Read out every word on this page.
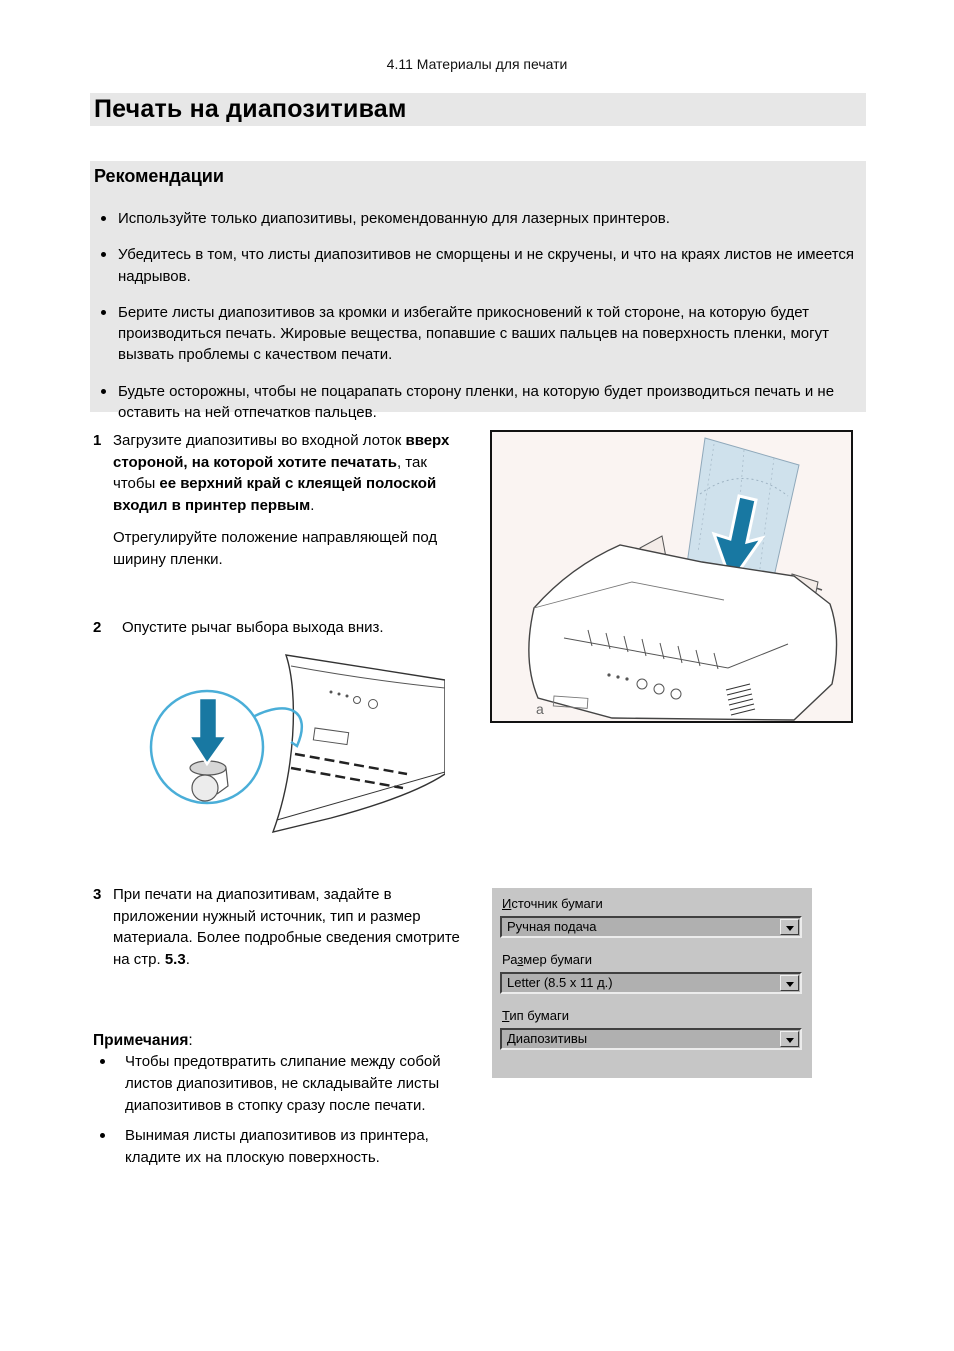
4.11 Материалы для печати
Печать на диапозитивам
Рекомендации
Используйте только диапозитивы, рекомендованную для лазерных принтеров.
Убедитесь в том, что листы диапозитивов не сморщены и не скручены, и что на краях листов не имеется надрывов.
Берите листы диапозитивов за кромки и избегайте прикосновений к той стороне, на которую будет производиться печать. Жировые вещества, попавшие с ваших пальцев на поверхность пленки, могут вызвать проблемы с качеством печати.
Будьте осторожны, чтобы не поцарапать сторону пленки, на которую будет производиться печать и не оставить на ней отпечатков пальцев.
1 Загрузите диапозитивы во входной лоток вверх стороной, на которой хотите печатать, так чтобы ее верхний край с клеящей полоской входил в принтер первым.
Отрегулируйте положение направляющей под ширину пленки.
a
2	Опустите рычаг выбора выхода вниз.
3 При печати на диапозитивам, задайте в приложении нужный источник, тип и размер материала. Более подробные сведения смотрите на стр. 5.3.
Источник бумаги
Ручная подача
Размер бумаги
Letter (8.5 x 11 д.)
Тип бумаги
Диапозитивы
Примечания:
Чтобы предотвратить слипание между собой листов диапозитивов, не складывайте листы диапозитивов в стопку сразу после печати.
Вынимая листы диапозитивов из принтера, кладите их на плоскую поверхность.
